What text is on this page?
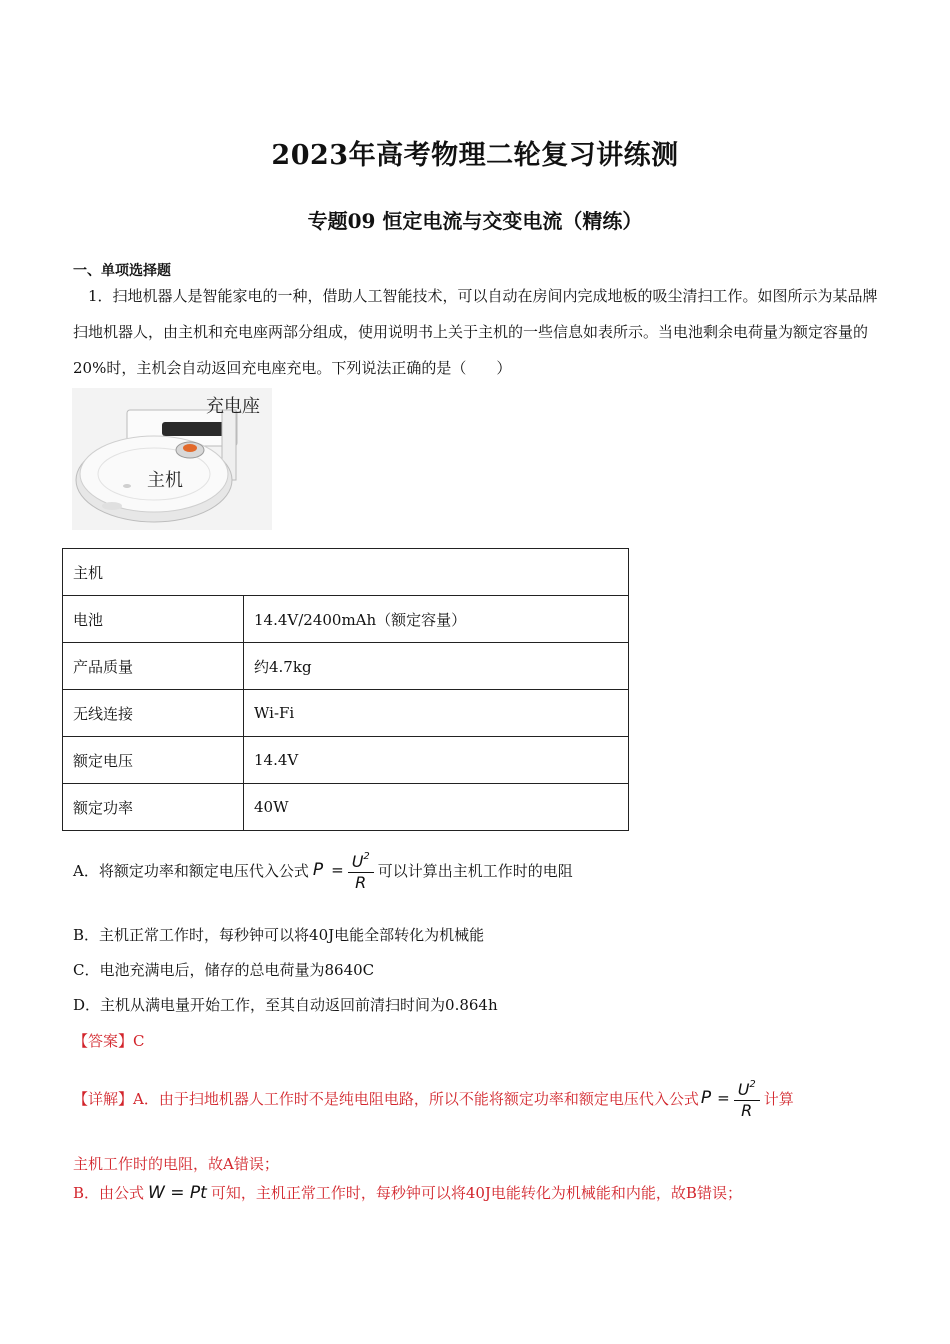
2023年高考物理二轮复习讲练测
专题09 恒定电流与交变电流（精练）
一、单项选择题
1．扫地机器人是智能家电的一种，借助人工智能技术，可以自动在房间内完成地板的吸尘清扫工作。如图所示为某品牌扫地机器人，由主机和充电座两部分组成，使用说明书上关于主机的一些信息如表所示。当电池剩余电荷量为额定容量的20%时，主机会自动返回充电座充电。下列说法正确的是（　　）
充电座
主机
主机	
电池	14.4V/2400mAh（额定容量）
产品质量	约4.7kg
无线连接	Wi-Fi
额定电压	14.4V
额定功率	40W
A．将额定功率和额定电压代入公式 $P = \frac{U^2}{R}$ 可以计算出主机工作时的电阻
B．主机正常工作时，每秒钟可以将40J电能全部转化为机械能
C．电池充满电后，储存的总电荷量为8640C
D．主机从满电量开始工作，至其自动返回前清扫时间为0.864h
【答案】C
【详解】A．由于扫地机器人工作时不是纯电阻电路，所以不能将额定功率和额定电压代入公式 $P = \frac{U^2}{R}$ 计算
主机工作时的电阻，故A错误；
B．由公式 W = Pt 可知，主机正常工作时，每秒钟可以将40J电能转化为机械能和内能，故B错误；
